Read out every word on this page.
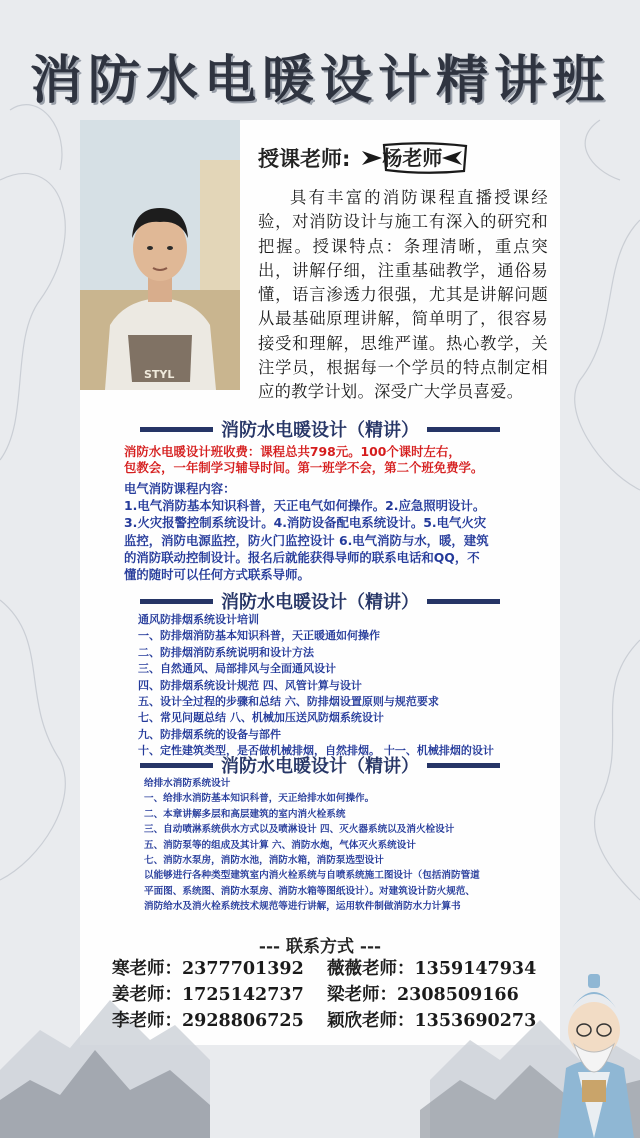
消防水电暖设计精讲班
STYL
授课老师:	杨老师
具有丰富的消防课程直播授课经验，对消防设计与施工有深入的研究和把握。授课特点：条理清晰，重点突出，讲解仔细，注重基础教学，通俗易懂，语言渗透力很强，尤其是讲解问题从最基础原理讲解，简单明了，很容易接受和理解，思维严谨。热心教学，关注学员，根据每一个学员的特点制定相应的教学计划。深受广大学员喜爱。
消防水电暖设计（精讲）
消防水电暖设计班收费：课程总共798元。100个课时左右，
包教会，一年制学习辅导时间。第一班学不会，第二个班免费学。
电气消防课程内容：
1.电气消防基本知识科普，天正电气如何操作。2.应急照明设计。
3.火灾报警控制系统设计。4.消防设备配电系统设计。5.电气火灾
监控，消防电源监控，防火门监控设计 6.电气消防与水，暖，建筑
的消防联动控制设计。报名后就能获得导师的联系电话和QQ，不
懂的随时可以任何方式联系导师。
消防水电暖设计（精讲）
通风防排烟系统设计培训
一、防排烟消防基本知识科普，天正暖通如何操作
二、防排烟消防系统说明和设计方法
三、自然通风、局部排风与全面通风设计
四、防排烟系统设计规范 四、风管计算与设计
五、设计全过程的步骤和总结 六、防排烟设置原则与规范要求
七、常见问题总结 八、机械加压送风防烟系统设计
九、防排烟系统的设备与部件
十、定性建筑类型，是否做机械排烟，自然排烟。 十一、机械排烟的设计
消防水电暖设计（精讲）
给排水消防系统设计
一、给排水消防基本知识科普，天正给排水如何操作。
二、本章讲解多层和高层建筑的室内消火栓系统
三、自动喷淋系统供水方式以及喷淋设计 四、灭火器系统以及消火栓设计
五、消防泵等的组成及其计算 六、消防水炮，气体灭火系统设计
七、消防水泵房，消防水池，消防水箱，消防泵选型设计
以能够进行各种类型建筑室内消火栓系统与自喷系统施工图设计（包括消防管道
平面图、系统图、消防水泵房、消防水箱等图纸设计）。对建筑设计防火规范、
消防给水及消火栓系统技术规范等进行讲解，运用软件制做消防水力计算书
--- 联系方式 ---
寒老师：2377701392 薇薇老师：1359147934
姜老师：1725142737 梁老师：2308509166
李老师：2928806725 颖欣老师：1353690273
